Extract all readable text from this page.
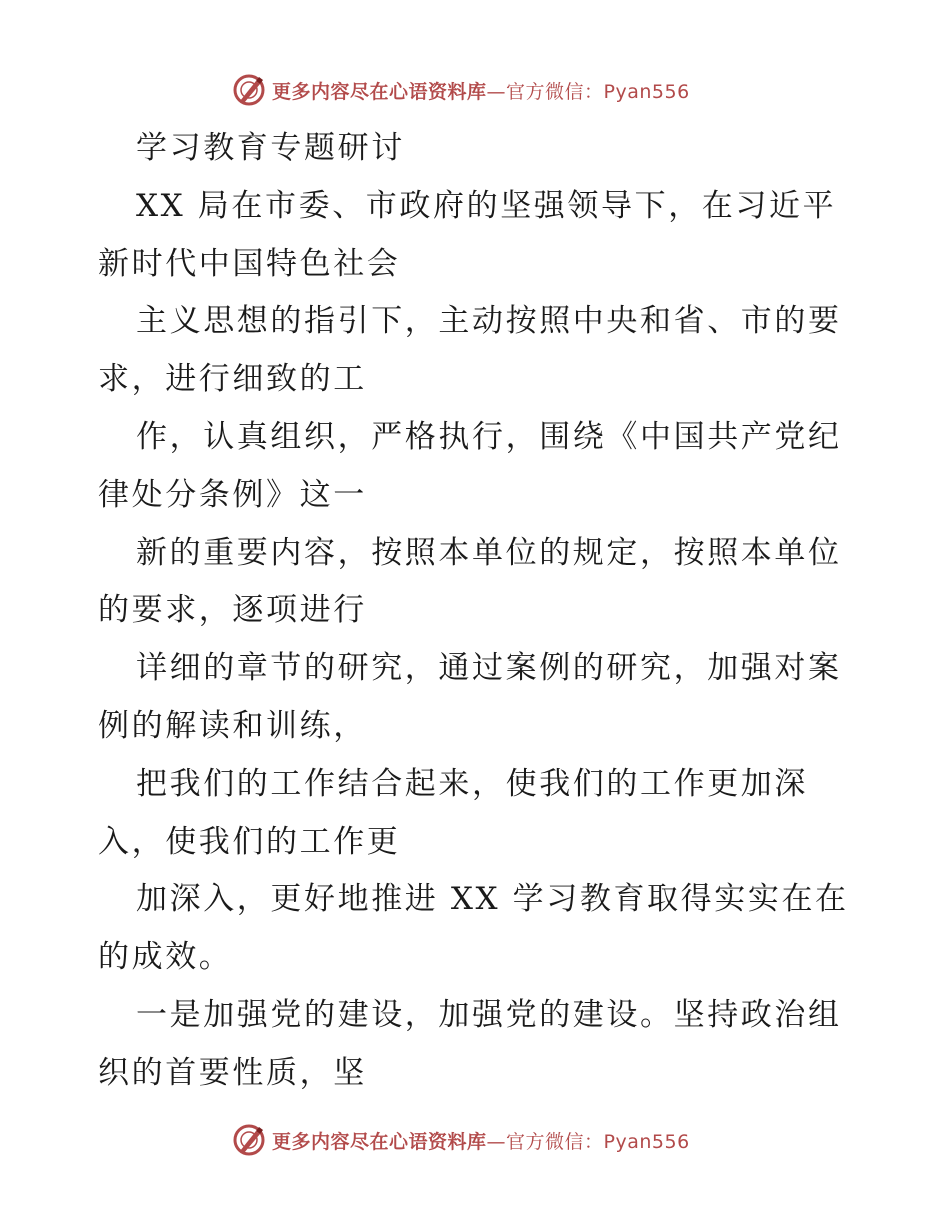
更多内容尽在心语资料库—官方微信：Pyan556
学习教育专题研讨
XX 局在市委、市政府的坚强领导下，在习近平
新时代中国特色社会
主义思想的指引下，主动按照中央和省、市的要
求，进行细致的工
作，认真组织，严格执行，围绕《中国共产党纪
律处分条例》这一
新的重要内容，按照本单位的规定，按照本单位
的要求，逐项进行
详细的章节的研究，通过案例的研究，加强对案
例的解读和训练，
把我们的工作结合起来，使我们的工作更加深
入，使我们的工作更
加深入，更好地推进 XX 学习教育取得实实在在
的成效。
一是加强党的建设，加强党的建设。坚持政治组
织的首要性质，坚
更多内容尽在心语资料库—官方微信：Pyan556
